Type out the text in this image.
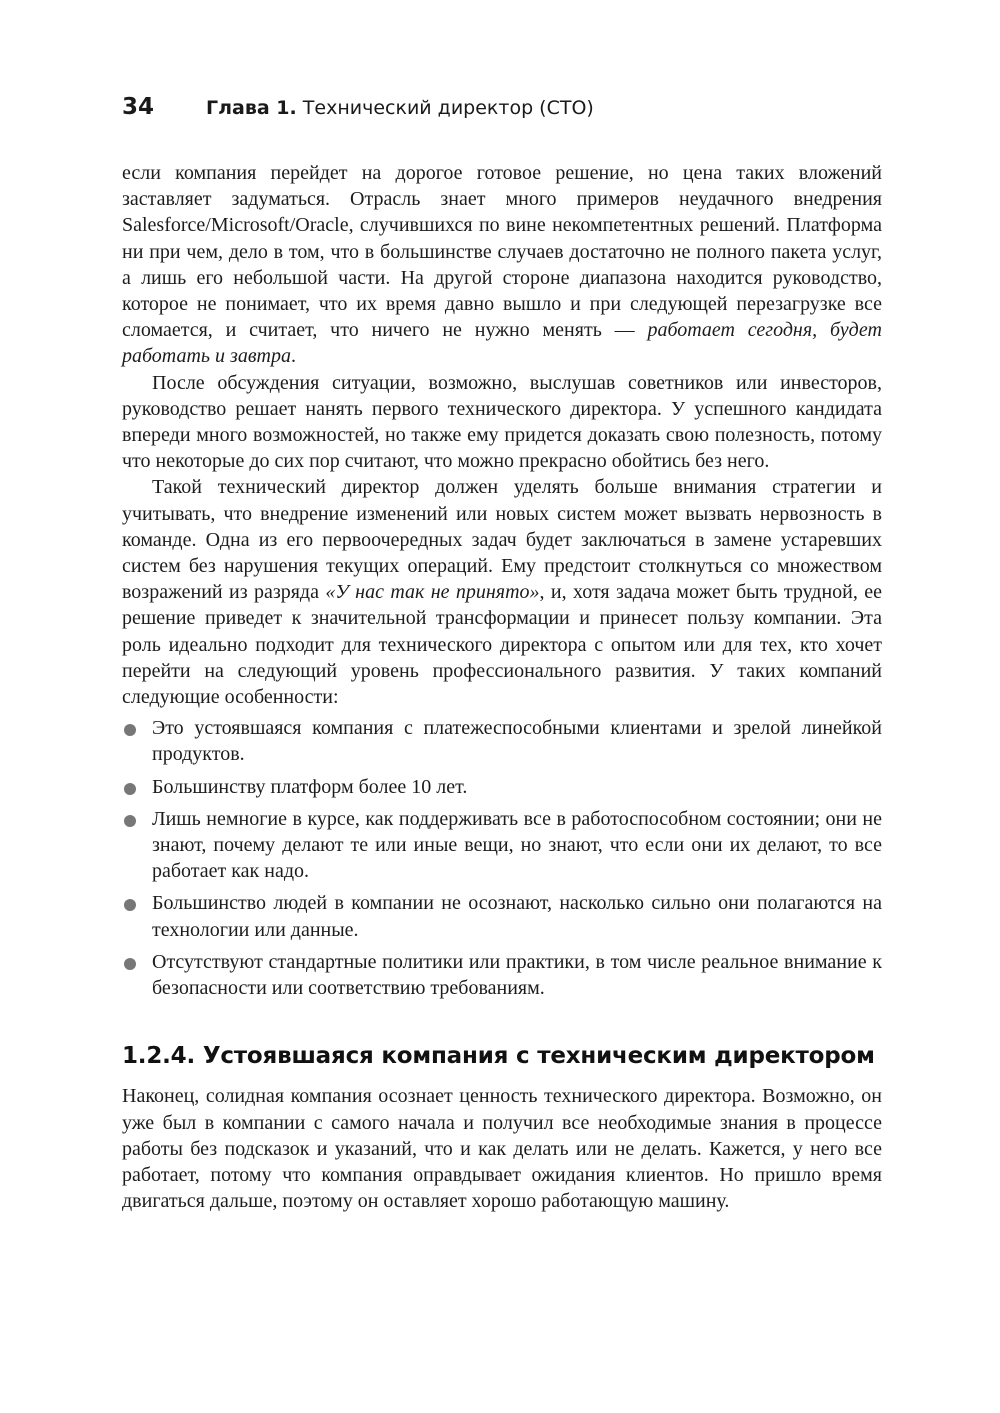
34	Глава 1. Технический директор (CTO)

если компания перейдет на дорогое готовое решение, но цена таких вложений заставляет задуматься. Отрасль знает много примеров неудачного внедрения Salesforce/Microsoft/Oracle, случившихся по вине некомпетентных решений. Платформа ни при чем, дело в том, что в большинстве случаев достаточно не полного пакета услуг, а лишь его небольшой части. На другой стороне диапазона находится руководство, которое не понимает, что их время давно вышло и при следующей перезагрузке все сломается, и считает, что ничего не нужно менять — работает сегодня, будет работать и завтра.

После обсуждения ситуации, возможно, выслушав советников или инвесторов, руководство решает нанять первого технического директора. У успешного кандидата впереди много возможностей, но также ему придется доказать свою полезность, потому что некоторые до сих пор считают, что можно прекрасно обойтись без него.

Такой технический директор должен уделять больше внимания стратегии и учитывать, что внедрение изменений или новых систем может вызвать нервозность в команде. Одна из его первоочередных задач будет заключаться в замене устаревших систем без нарушения текущих операций. Ему предстоит столкнуться со множеством возражений из разряда «У нас так не принято», и, хотя задача может быть трудной, ее решение приведет к значительной трансформации и принесет пользу компании. Эта роль идеально подходит для технического директора с опытом или для тех, кто хочет перейти на следующий уровень профессионального развития. У таких компаний следующие особенности:

Это устоявшаяся компания с платежеспособными клиентами и зрелой линейкой продуктов.
Большинству платформ более 10 лет.
Лишь немногие в курсе, как поддерживать все в работоспособном состоянии; они не знают, почему делают те или иные вещи, но знают, что если они их делают, то все работает как надо.
Большинство людей в компании не осознают, насколько сильно они полагаются на технологии или данные.
Отсутствуют стандартные политики или практики, в том числе реальное внимание к безопасности или соответствию требованиям.
1.2.4. Устоявшаяся компания с техническим директором

Наконец, солидная компания осознает ценность технического директора. Возможно, он уже был в компании с самого начала и получил все необходимые знания в процессе работы без подсказок и указаний, что и как делать или не делать. Кажется, у него все работает, потому что компания оправдывает ожидания клиентов. Но пришло время двигаться дальше, поэтому он оставляет хорошо работающую машину.
